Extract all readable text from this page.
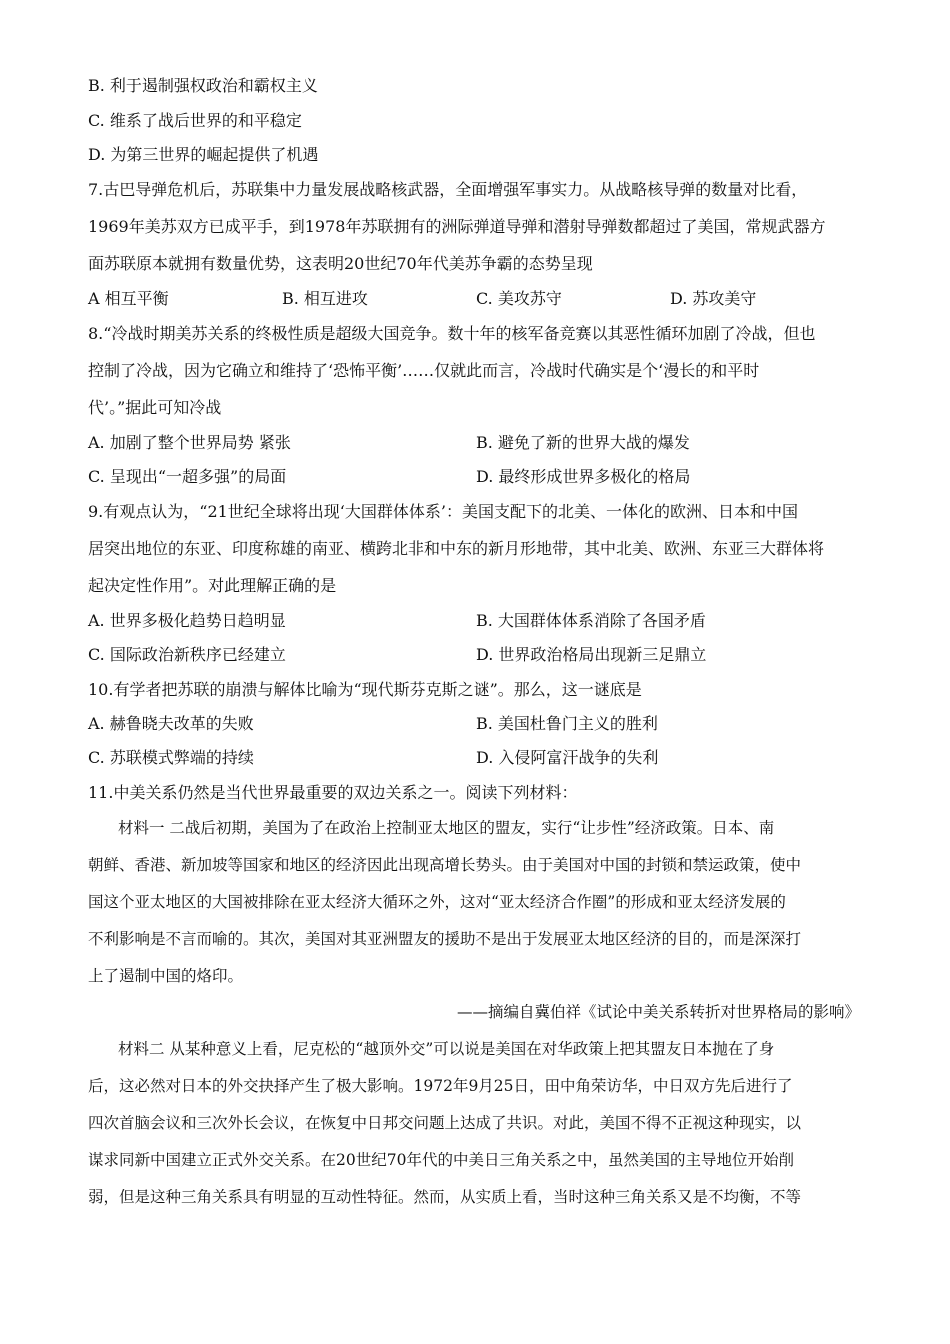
B. 利于遏制强权政治和霸权主义
C. 维系了战后世界的和平稳定
D. 为第三世界的崛起提供了机遇
7.古巴导弹危机后，苏联集中力量发展战略核武器，全面增强军事实力。从战略核导弹的数量对比看，
1969年美苏双方已成平手，到1978年苏联拥有的洲际弹道导弹和潜射导弹数都超过了美国，常规武器方
面苏联原本就拥有数量优势，这表明20世纪70年代美苏争霸的态势呈现
A 相互平衡	B. 相互进攻	C. 美攻苏守	D. 苏攻美守
8.“冷战时期美苏关系的终极性质是超级大国竞争。数十年的核军备竞赛以其恶性循环加剧了冷战，但也
控制了冷战，因为它确立和维持了‘恐怖平衡’……仅就此而言，冷战时代确实是个‘漫长的和平时
代’。”据此可知冷战
A. 加剧了整个世界局势 紧张	B. 避免了新的世界大战的爆发
C. 呈现出“一超多强”的局面	D. 最终形成世界多极化的格局
9.有观点认为，“21世纪全球将出现‘大国群体体系’：美国支配下的北美、一体化的欧洲、日本和中国
居突出地位的东亚、印度称雄的南亚、横跨北非和中东的新月形地带，其中北美、欧洲、东亚三大群体将
起决定性作用”。对此理解正确的是
A. 世界多极化趋势日趋明显	B. 大国群体体系消除了各国矛盾
C. 国际政治新秩序已经建立	D. 世界政治格局出现新三足鼎立
10.有学者把苏联的崩溃与解体比喻为“现代斯芬克斯之谜”。那么，这一谜底是
A. 赫鲁晓夫改革的失败	B. 美国杜鲁门主义的胜利
C. 苏联模式弊端的持续	D. 入侵阿富汗战争的失利
11.中美关系仍然是当代世界最重要的双边关系之一。阅读下列材料：
材料一 二战后初期，美国为了在政治上控制亚太地区的盟友，实行“让步性”经济政策。日本、南
朝鲜、香港、新加坡等国家和地区的经济因此出现高增长势头。由于美国对中国的封锁和禁运政策，使中
国这个亚太地区的大国被排除在亚太经济大循环之外，这对“亚太经济合作圈”的形成和亚太经济发展的
不利影响是不言而喻的。其次，美国对其亚洲盟友的援助不是出于发展亚太地区经济的目的，而是深深打
上了遏制中国的烙印。
——摘编自冀伯祥《试论中美关系转折对世界格局的影响》
材料二 从某种意义上看，尼克松的“越顶外交”可以说是美国在对华政策上把其盟友日本抛在了身
后，这必然对日本的外交抉择产生了极大影响。1972年9月25日，田中角荣访华，中日双方先后进行了
四次首脑会议和三次外长会议，在恢复中日邦交问题上达成了共识。对此，美国不得不正视这种现实，以
谋求同新中国建立正式外交关系。在20世纪70年代的中美日三角关系之中，虽然美国的主导地位开始削
弱，但是这种三角关系具有明显的互动性特征。然而，从实质上看，当时这种三角关系又是不均衡，不等
